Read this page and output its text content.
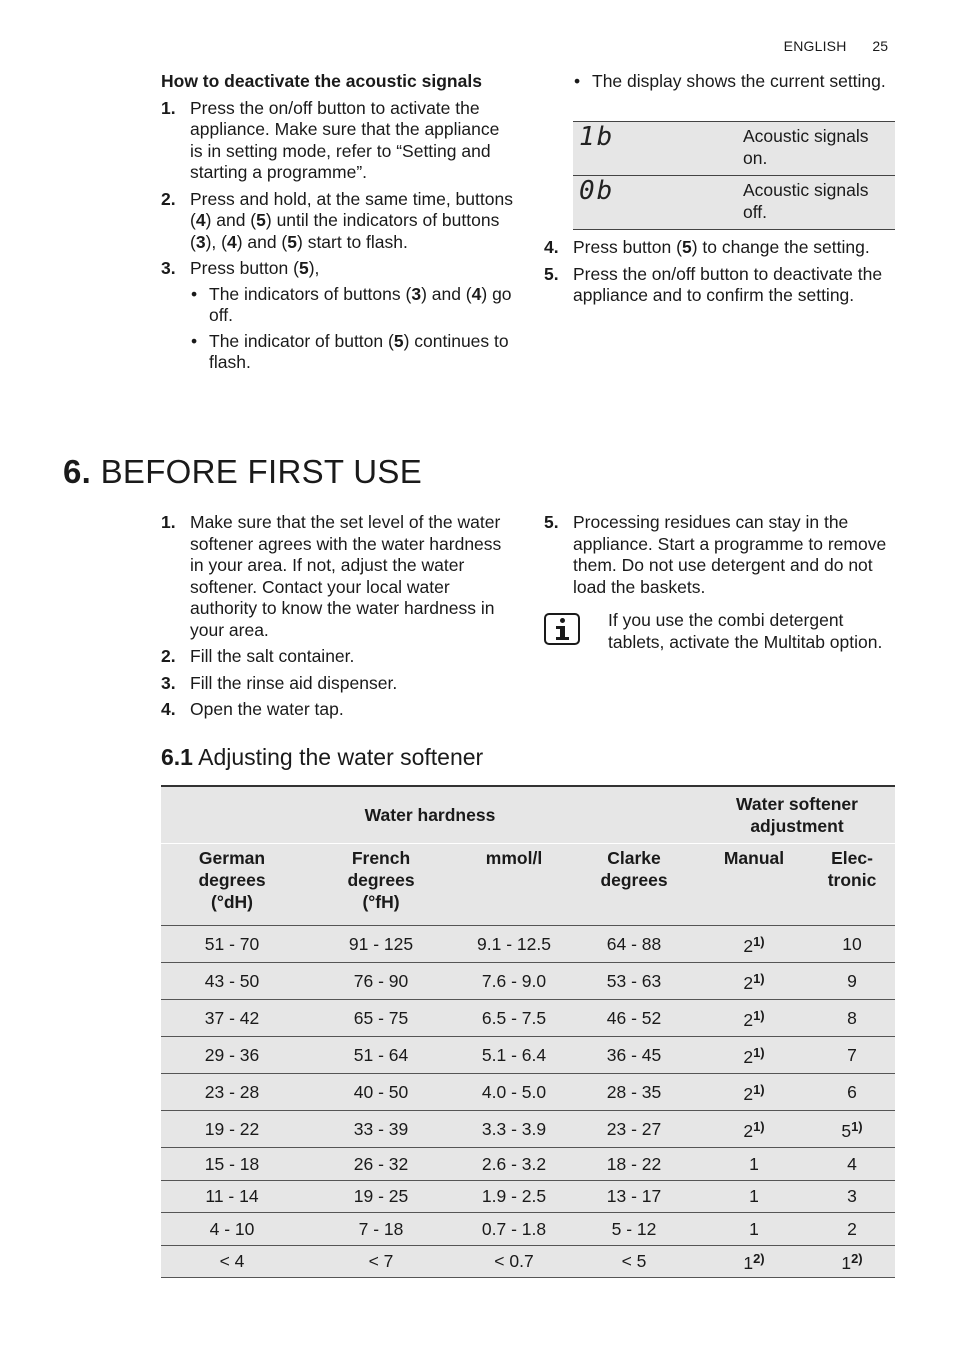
ENGLISH 25
How to deactivate the acoustic signals
1. Press the on/off button to activate the appliance. Make sure that the appliance is in setting mode, refer to “Setting and starting a programme”.
2. Press and hold, at the same time, buttons (4) and (5) until the indicators of buttons (3), (4) and (5) start to flash.
3. Press button (5),
• The indicators of buttons (3) and (4) go off.
• The indicator of button (5) continues to flash.
• The display shows the current setting.
1b	Acoustic signals on.
0b	Acoustic signals off.
4. Press button (5) to change the setting.
5. Press the on/off button to deactivate the appliance and to confirm the setting.
6. BEFORE FIRST USE
1. Make sure that the set level of the water softener agrees with the water hardness in your area. If not, adjust the water softener. Contact your local water authority to know the water hardness in your area.
2. Fill the salt container.
3. Fill the rinse aid dispenser.
4. Open the water tap.
5. Processing residues can stay in the appliance. Start a programme to remove them. Do not use detergent and do not load the baskets.
If you use the combi detergent tablets, activate the Multitab option.
6.1 Adjusting the water softener
Water hardness				Water softener adjustment	
German degrees (°dH)	French degrees (°fH)	mmol/l	Clarke degrees	Manual	Elec-tronic
51 - 70	91 - 125	9.1 - 12.5	64 - 88	2$^{1)}$	10
43 - 50	76 - 90	7.6 - 9.0	53 - 63	2$^{1)}$	9
37 - 42	65 - 75	6.5 - 7.5	46 - 52	2$^{1)}$	8
29 - 36	51 - 64	5.1 - 6.4	36 - 45	2$^{1)}$	7
23 - 28	40 - 50	4.0 - 5.0	28 - 35	2$^{1)}$	6
19 - 22	33 - 39	3.3 - 3.9	23 - 27	2$^{1)}$	5$^{1)}$
15 - 18	26 - 32	2.6 - 3.2	18 - 22	1	4
11 - 14	19 - 25	1.9 - 2.5	13 - 17	1	3
4 - 10	7 - 18	0.7 - 1.8	5 - 12	1	2
< 4	< 7	< 0.7	< 5	1$^{2)}$	1$^{2)}$
